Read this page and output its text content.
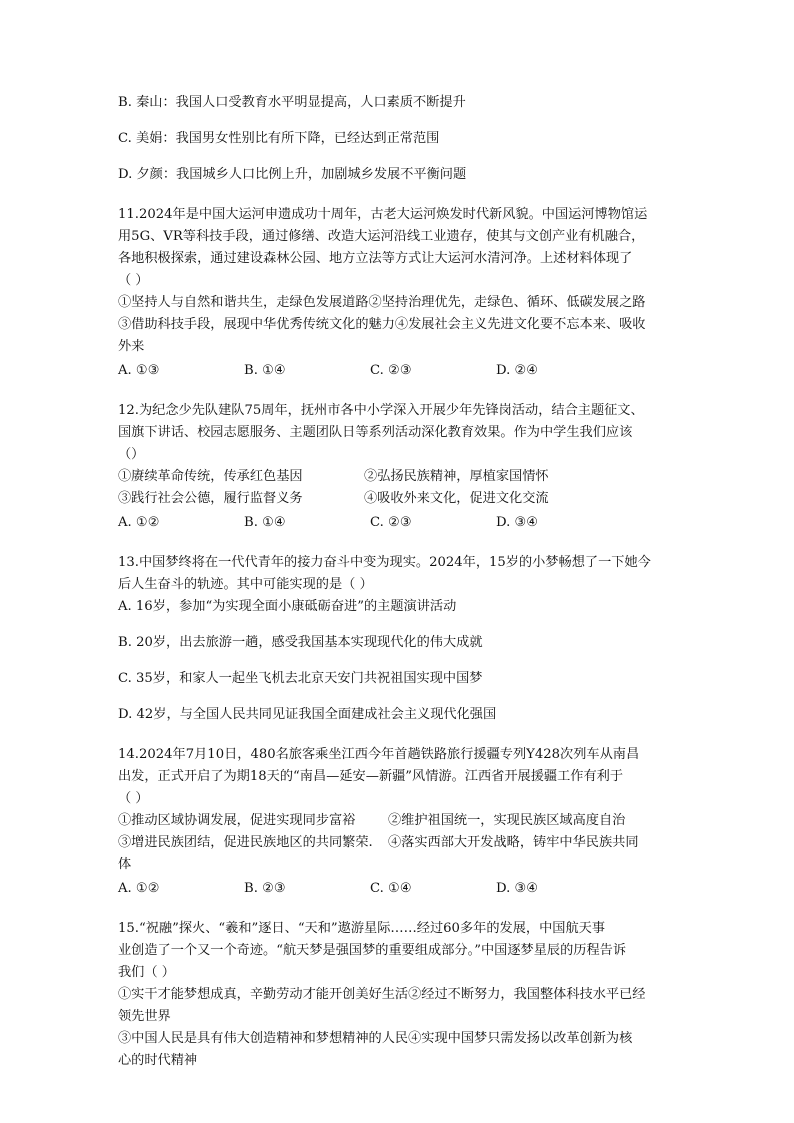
B. 秦山：我国人口受教育水平明显提高，人口素质不断提升
C. 美娟：我国男女性别比有所下降，已经达到正常范围
D. 夕颜：我国城乡人口比例上升，加剧城乡发展不平衡问题
11.2024年是中国大运河申遗成功十周年，古老大运河焕发时代新风貌。中国运河博物馆运
用5G、VR等科技手段，通过修缮、改造大运河沿线工业遗存，使其与文创产业有机融合，
各地积极探索，通过建设森林公园、地方立法等方式让大运河水清河净。上述材料体现了
（ ）
①坚持人与自然和谐共生，走绿色发展道路②坚持治理优先，走绿色、循环、低碳发展之路
③借助科技手段，展现中华优秀传统文化的魅力④发展社会主义先进文化要不忘本来、吸收
外来
A. ①③	B. ①④	C. ②③	D. ②④
12.为纪念少先队建队75周年，抚州市各中小学深入开展少年先锋岗活动，结合主题征文、
国旗下讲话、校园志愿服务、主题团队日等系列活动深化教育效果。作为中学生我们应该
（）
①赓续革命传统，传承红色基因	②弘扬民族精神，厚植家国情怀
③践行社会公德，履行监督义务	④吸收外来文化，促进文化交流
A. ①②	B. ①④	C. ②③	D. ③④
13.中国梦终将在一代代青年的接力奋斗中变为现实。2024年，15岁的小梦畅想了一下她今
后人生奋斗的轨迹。其中可能实现的是（ ）
A. 16岁，参加“为实现全面小康砥砺奋进”的主题演讲活动
B. 20岁，出去旅游一趟，感受我国基本实现现代化的伟大成就
C. 35岁，和家人一起坐飞机去北京天安门共祝祖国实现中国梦
D. 42岁，与全国人民共同见证我国全面建成社会主义现代化强国
14.2024年7月10日，480名旅客乘坐江西今年首趟铁路旅行援疆专列Y428次列车从南昌
出发，正式开启了为期18天的“南昌—延安—新疆”风情游。江西省开展援疆工作有利于
（ ）
①推动区域协调发展，促进实现同步富裕	②维护祖国统一，实现民族区域高度自治
③增进民族团结，促进民族地区的共同繁荣.	④落实西部大开发战略，铸牢中华民族共同
体
A. ①②	B. ②③	C. ①④	D. ③④
15.“祝融”探火、“羲和”逐日、“天和”遨游星际……经过60多年的发展，中国航天事
业创造了一个又一个奇迹。“航天梦是强国梦的重要组成部分。”中国逐梦星辰的历程告诉
我们（ ）
①实干才能梦想成真，辛勤劳动才能开创美好生活②经过不断努力，我国整体科技水平已经
领先世界
③中国人民是具有伟大创造精神和梦想精神的人民④实现中国梦只需发扬以改革创新为核
心的时代精神
